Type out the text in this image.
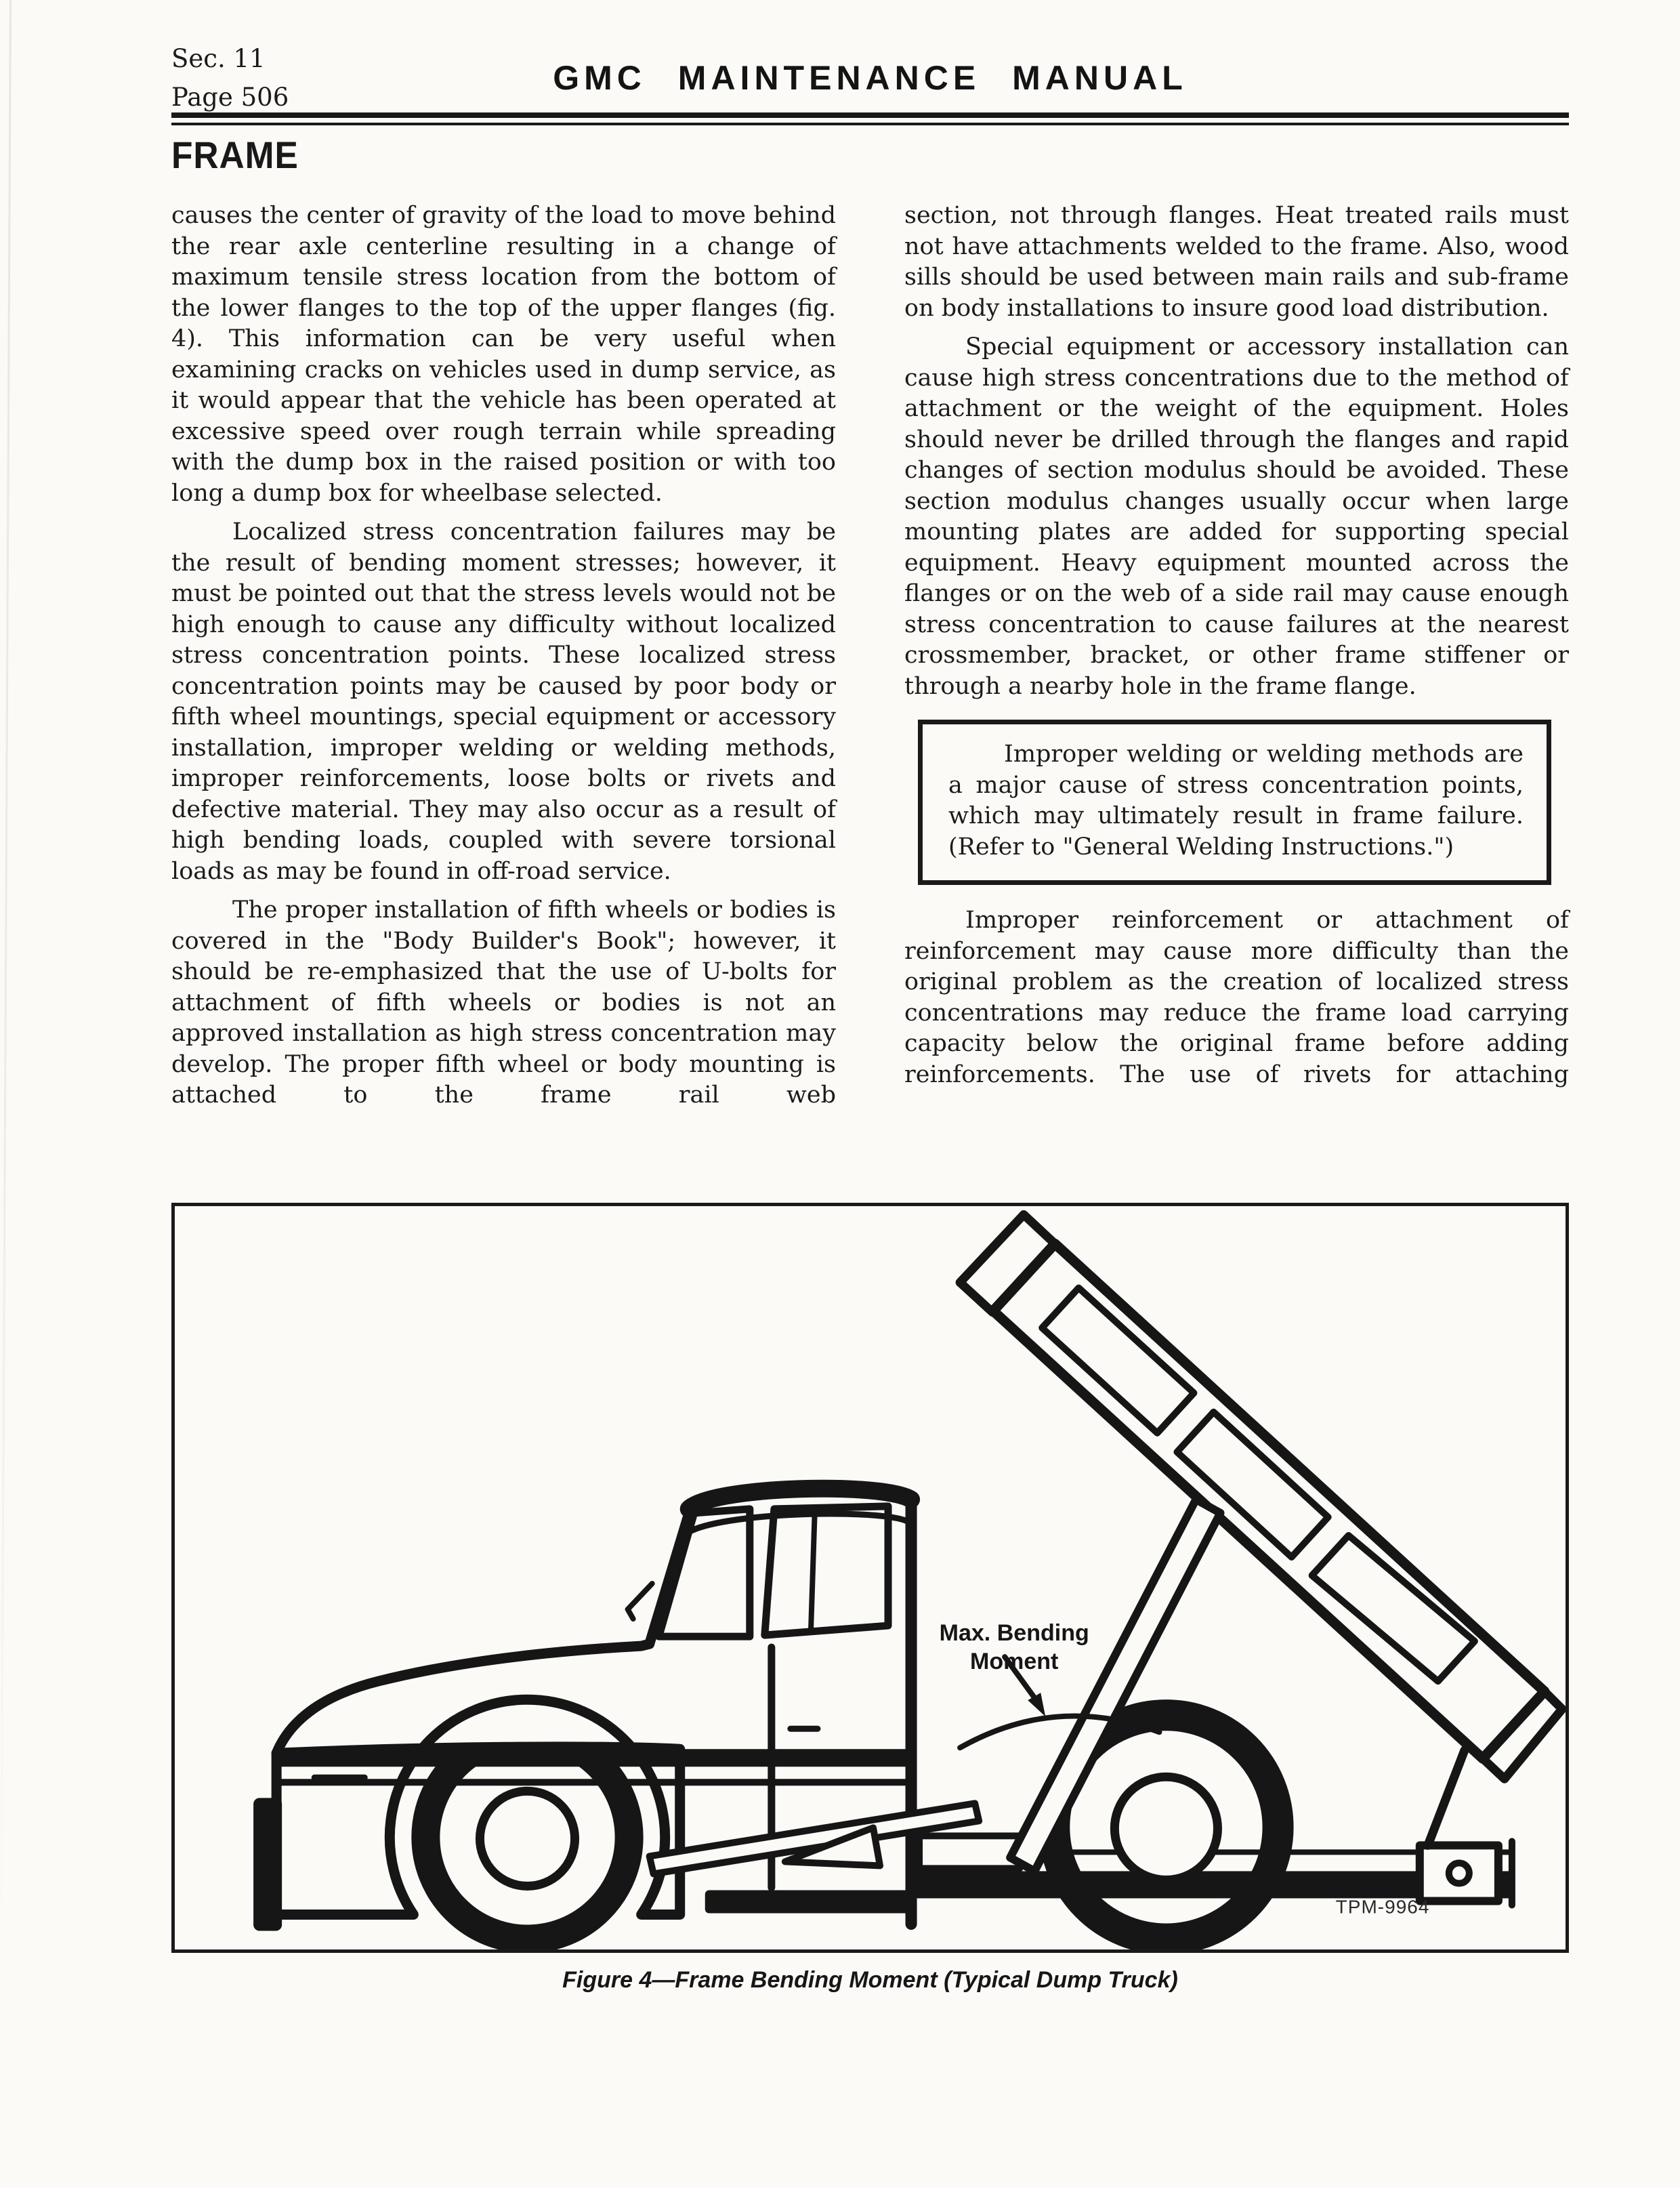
Sec. 11
Page 506
GMC MAINTENANCE MANUAL
FRAME

causes the center of gravity of the load to move behind the rear axle centerline resulting in a change of maximum tensile stress location from the bottom of the lower flanges to the top of the upper flanges (fig. 4). This information can be very useful when examining cracks on vehicles used in dump service, as it would appear that the vehicle has been operated at excessive speed over rough terrain while spreading with the dump box in the raised position or with too long a dump box for wheelbase selected.

Localized stress concentration failures may be the result of bending moment stresses; however, it must be pointed out that the stress levels would not be high enough to cause any difficulty without localized stress concentration points. These localized stress concentration points may be caused by poor body or fifth wheel mountings, special equipment or accessory installation, improper welding or welding methods, improper reinforcements, loose bolts or rivets and defective material. They may also occur as a result of high bending loads, coupled with severe torsional loads as may be found in off-road service.

The proper installation of fifth wheels or bodies is covered in the "Body Builder's Book"; however, it should be re-emphasized that the use of U-bolts for attachment of fifth wheels or bodies is not an approved installation as high stress concentration may develop. The proper fifth wheel or body mounting is attached to the frame rail web

section, not through flanges. Heat treated rails must not have attachments welded to the frame. Also, wood sills should be used between main rails and sub-frame on body installations to insure good load distribution.

Special equipment or accessory installation can cause high stress concentrations due to the method of attachment or the weight of the equipment. Holes should never be drilled through the flanges and rapid changes of section modulus should be avoided. These section modulus changes usually occur when large mounting plates are added for supporting special equipment. Heavy equipment mounted across the flanges or on the web of a side rail may cause enough stress concentration to cause failures at the nearest crossmember, bracket, or other frame stiffener or through a nearby hole in the frame flange.

Improper welding or welding methods are a major cause of stress concentration points, which may ultimately result in frame failure. (Refer to "General Welding Instructions.")

Improper reinforcement or attachment of reinforcement may cause more difficulty than the original problem as the creation of localized stress concentrations may reduce the frame load carrying capacity below the original frame before adding reinforcements. The use of rivets for attaching

Max. Bending
Moment
TPM-9964

Figure 4—Frame Bending Moment (Typical Dump Truck)
